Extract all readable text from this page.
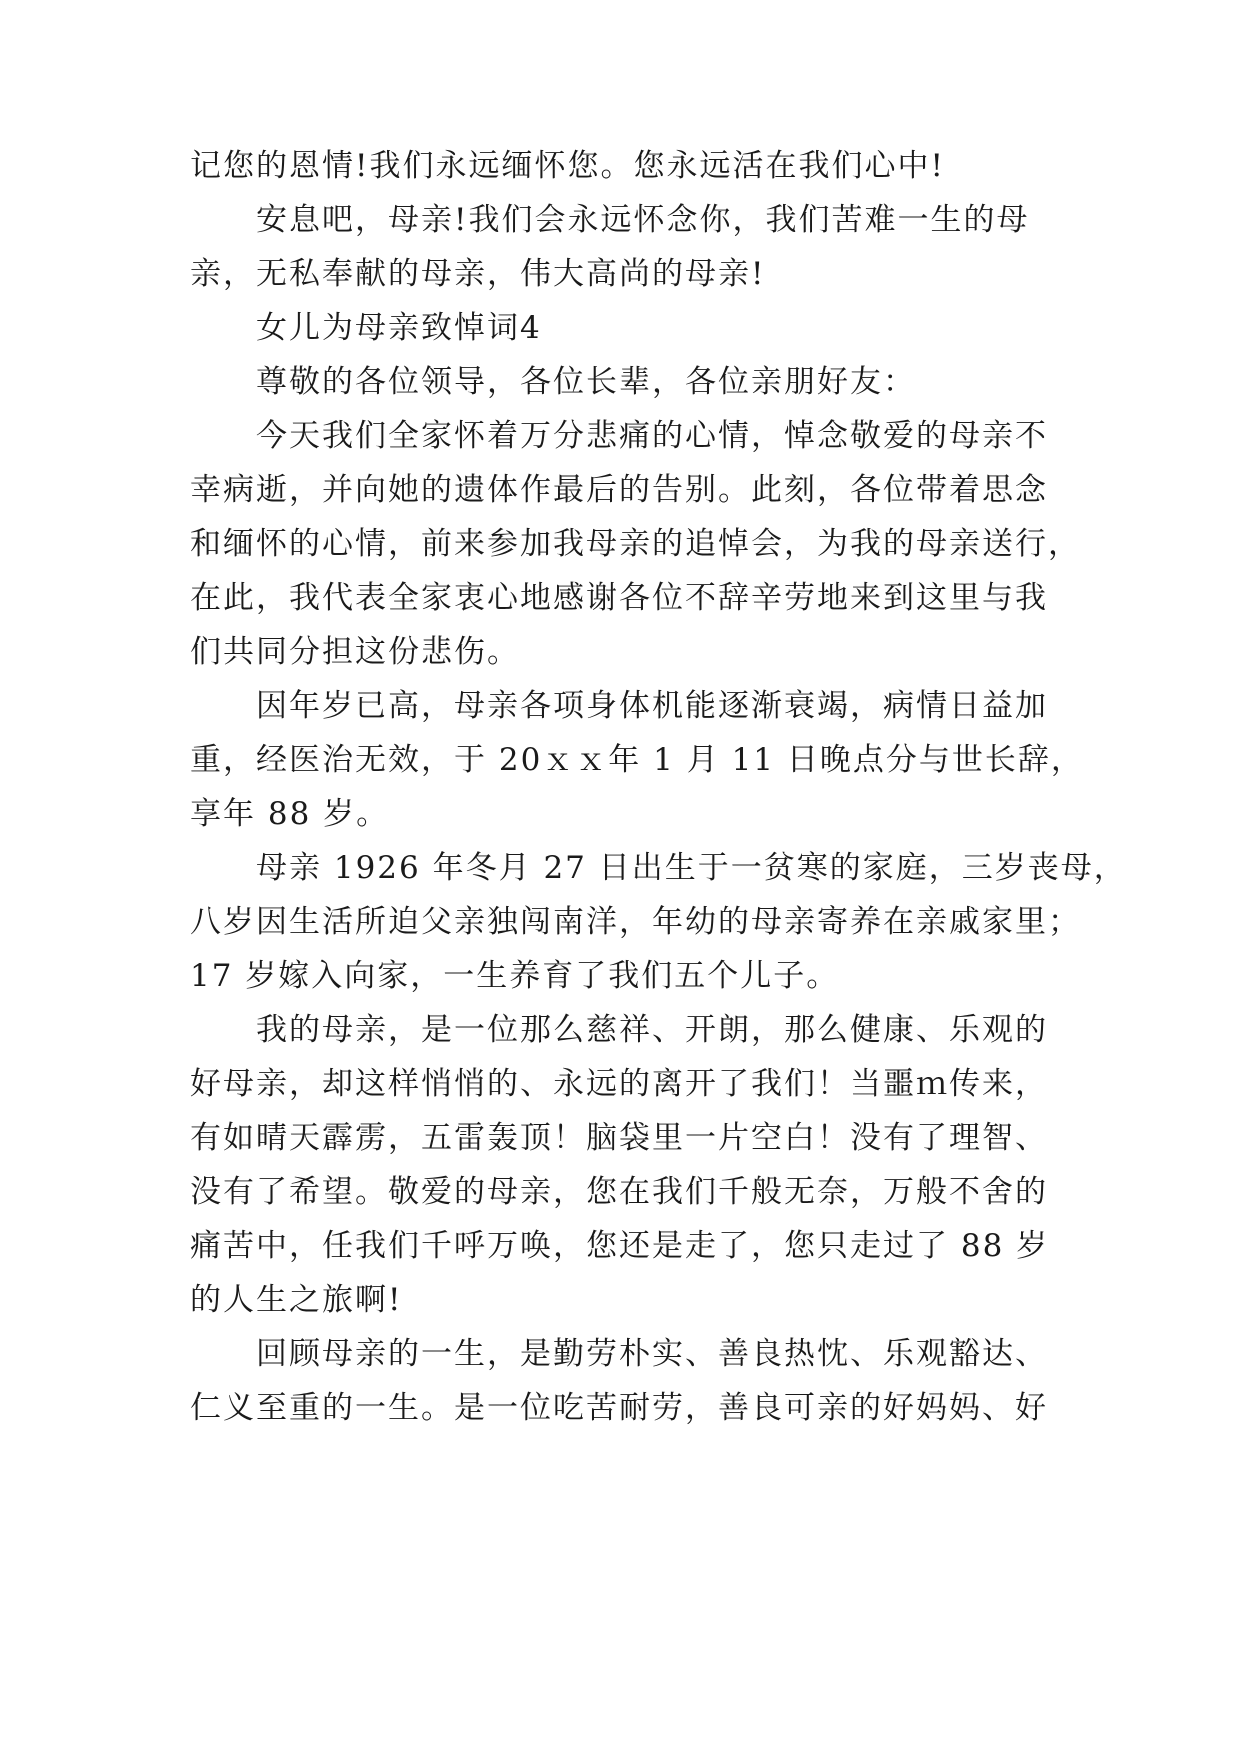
记您的恩情!我们永远缅怀您。您永远活在我们心中!
安息吧，母亲!我们会永远怀念你，我们苦难一生的母
亲，无私奉献的母亲，伟大高尚的母亲!
女儿为母亲致悼词4
尊敬的各位领导，各位长辈，各位亲朋好友：
今天我们全家怀着万分悲痛的心情，悼念敬爱的母亲不
幸病逝，并向她的遗体作最后的告别。此刻，各位带着思念
和缅怀的心情，前来参加我母亲的追悼会，为我的母亲送行，
在此，我代表全家衷心地感谢各位不辞辛劳地来到这里与我
们共同分担这份悲伤。
因年岁已高，母亲各项身体机能逐渐衰竭，病情日益加
重，经医治无效，于 20ｘｘ年 1 月 11 日晚点分与世长辞，
享年 88 岁。
母亲 1926 年冬月 27 日出生于一贫寒的家庭，三岁丧母，
八岁因生活所迫父亲独闯南洋，年幼的母亲寄养在亲戚家里；
17 岁嫁入向家，一生养育了我们五个儿子。
我的母亲，是一位那么慈祥、开朗，那么健康、乐观的
好母亲，却这样悄悄的、永远的离开了我们！当噩ｍ传来，
有如晴天霹雳，五雷轰顶！脑袋里一片空白！没有了理智、
没有了希望。敬爱的母亲，您在我们千般无奈，万般不舍的
痛苦中，任我们千呼万唤，您还是走了，您只走过了 88 岁
的人生之旅啊!
回顾母亲的一生，是勤劳朴实、善良热忱、乐观豁达、
仁义至重的一生。是一位吃苦耐劳，善良可亲的好妈妈、好
